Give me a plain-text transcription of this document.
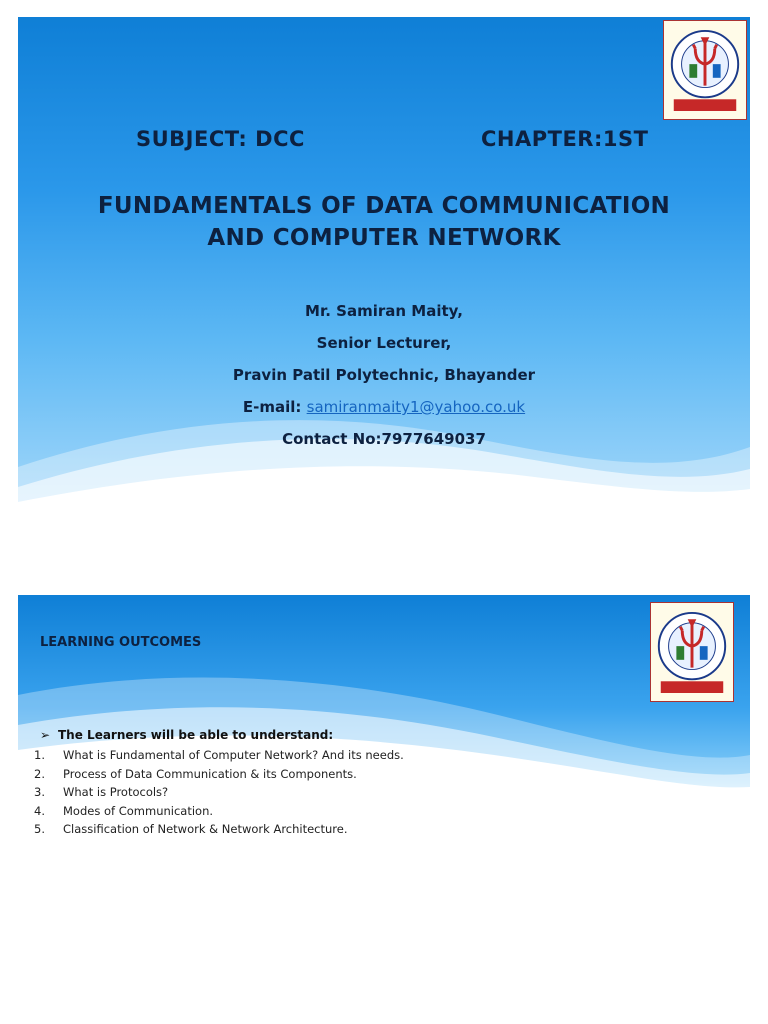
SUBJECT: DCC	CHAPTER:1ST
FUNDAMENTALS OF DATA COMMUNICATION
AND COMPUTER NETWORK
Mr. Samiran Maity,
Senior Lecturer,
Pravin Patil Polytechnic, Bhayander
E-mail: samiranmaity1@yahoo.co.uk
Contact No:7977649037
LEARNING OUTCOMES
➢ The Learners will be able to understand:
1. What is Fundamental of Computer Network? And its needs.
2. Process of Data Communication & its Components.
3. What is Protocols?
4. Modes of Communication.
5. Classification of Network & Network Architecture.
